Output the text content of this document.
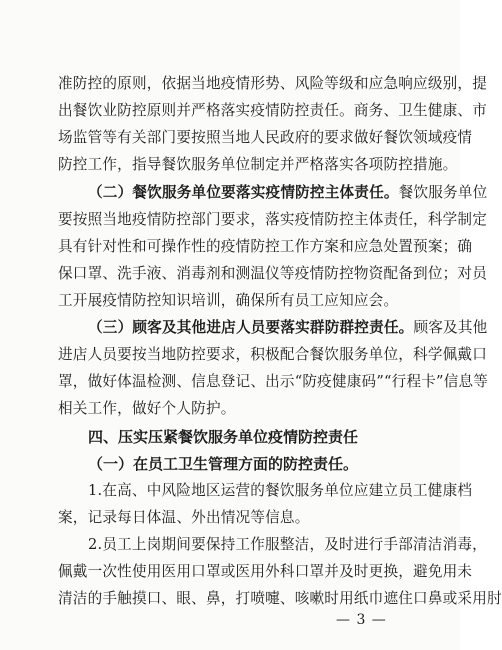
准防控的原则，依据当地疫情形势、风险等级和应急响应级别，提
出餐饮业防控原则并严格落实疫情防控责任。商务、卫生健康、市
场监管等有关部门要按照当地人民政府的要求做好餐饮领域疫情
防控工作，指导餐饮服务单位制定并严格落实各项防控措施。
（二）餐饮服务单位要落实疫情防控主体责任。餐饮服务单位
要按照当地疫情防控部门要求，落实疫情防控主体责任，科学制定
具有针对性和可操作性的疫情防控工作方案和应急处置预案；确
保口罩、洗手液、消毒剂和测温仪等疫情防控物资配备到位；对员
工开展疫情防控知识培训，确保所有员工应知应会。
（三）顾客及其他进店人员要落实群防群控责任。顾客及其他
进店人员要按当地防控要求，积极配合餐饮服务单位，科学佩戴口
罩，做好体温检测、信息登记、出示“防疫健康码”“行程卡”信息等
相关工作，做好个人防护。
四、压实压紧餐饮服务单位疫情防控责任
（一）在员工卫生管理方面的防控责任。
1.在高、中风险地区运营的餐饮服务单位应建立员工健康档
案，记录每日体温、外出情况等信息。
2.员工上岗期间要保持工作服整洁，及时进行手部清洁消毒，
佩戴一次性使用医用口罩或医用外科口罩并及时更换，避免用未
清洁的手触摸口、眼、鼻，打喷嚏、咳嗽时用纸巾遮住口鼻或采用肘
— 3 —
